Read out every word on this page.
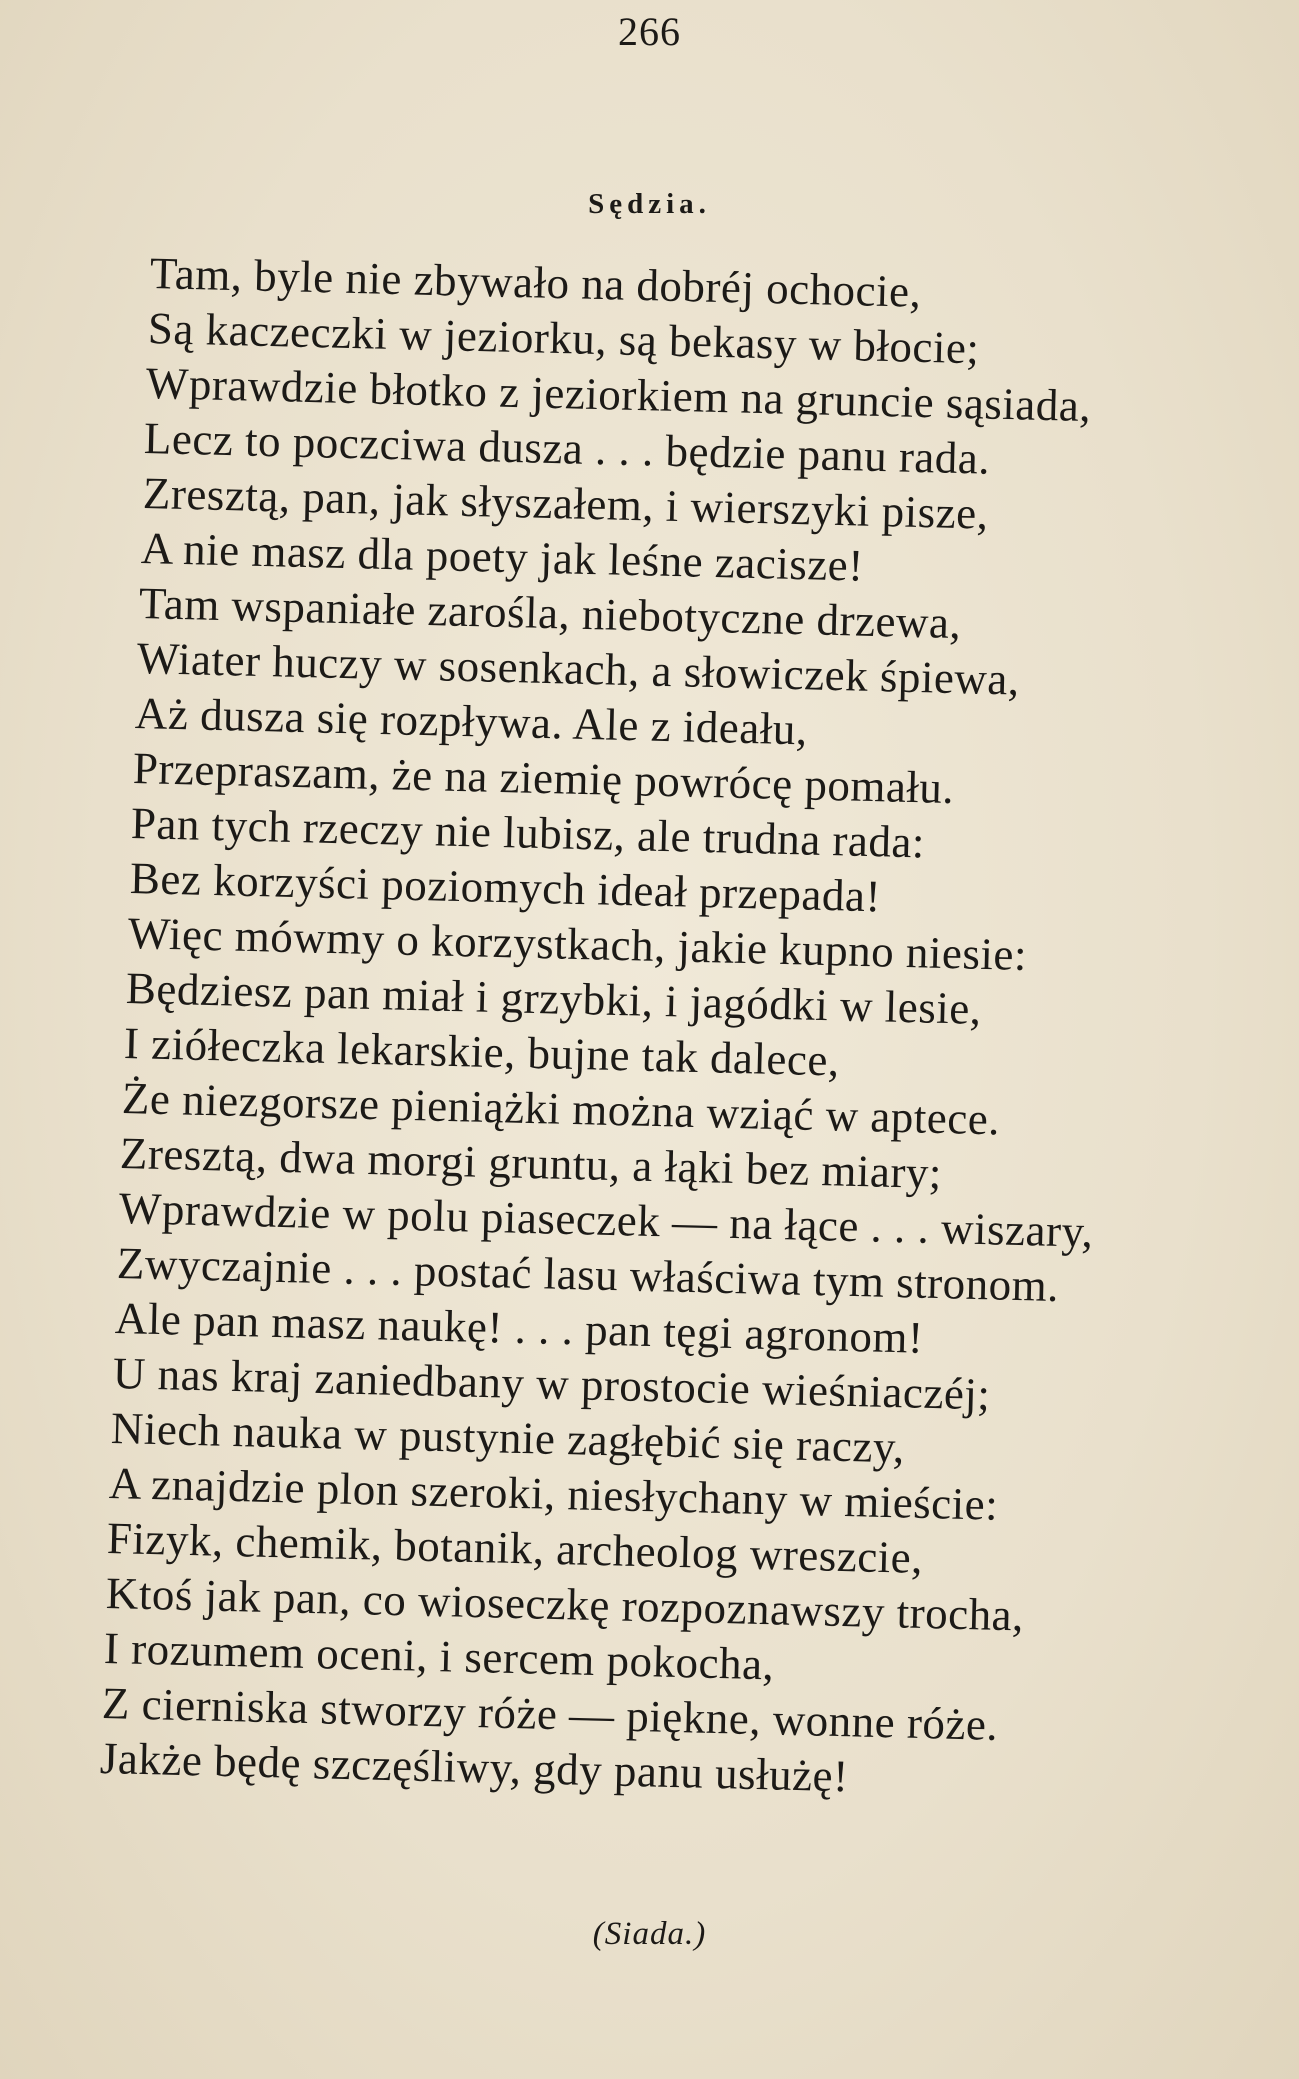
266
Sędzia.
Tam, byle nie zbywało na dobréj ochocie,
Są kaczeczki w jeziorku, są bekasy w błocie;
Wprawdzie błotko z jeziorkiem na gruncie sąsiada,
Lecz to poczciwa dusza . . . będzie panu rada.
Zresztą, pan, jak słyszałem, i wierszyki pisze,
A nie masz dla poety jak leśne zacisze!
Tam wspaniałe zarośla, niebotyczne drzewa,
Wiater huczy w sosenkach, a słowiczek śpiewa,
Aż dusza się rozpływa. Ale z ideału,
Przepraszam, że na ziemię powrócę pomału.
Pan tych rzeczy nie lubisz, ale trudna rada:
Bez korzyści poziomych ideał przepada!
Więc mówmy o korzystkach, jakie kupno niesie:
Będziesz pan miał i grzybki, i jagódki w lesie,
I ziółeczka lekarskie, bujne tak dalece,
Że niezgorsze pieniążki można wziąć w aptece.
Zresztą, dwa morgi gruntu, a łąki bez miary;
Wprawdzie w polu piaseczek — na łące . . . wiszary,
Zwyczajnie . . . postać lasu właściwa tym stronom.
Ale pan masz naukę! . . . pan tęgi agronom!
U nas kraj zaniedbany w prostocie wieśniaczéj;
Niech nauka w pustynie zagłębić się raczy,
A znajdzie plon szeroki, niesłychany w mieście:
Fizyk, chemik, botanik, archeolog wreszcie,
Ktoś jak pan, co wioseczkę rozpoznawszy trocha,
I rozumem oceni, i sercem pokocha,
Z cierniska stworzy róże — piękne, wonne róże.
Jakże będę szczęśliwy, gdy panu usłużę!
(Siada.)
